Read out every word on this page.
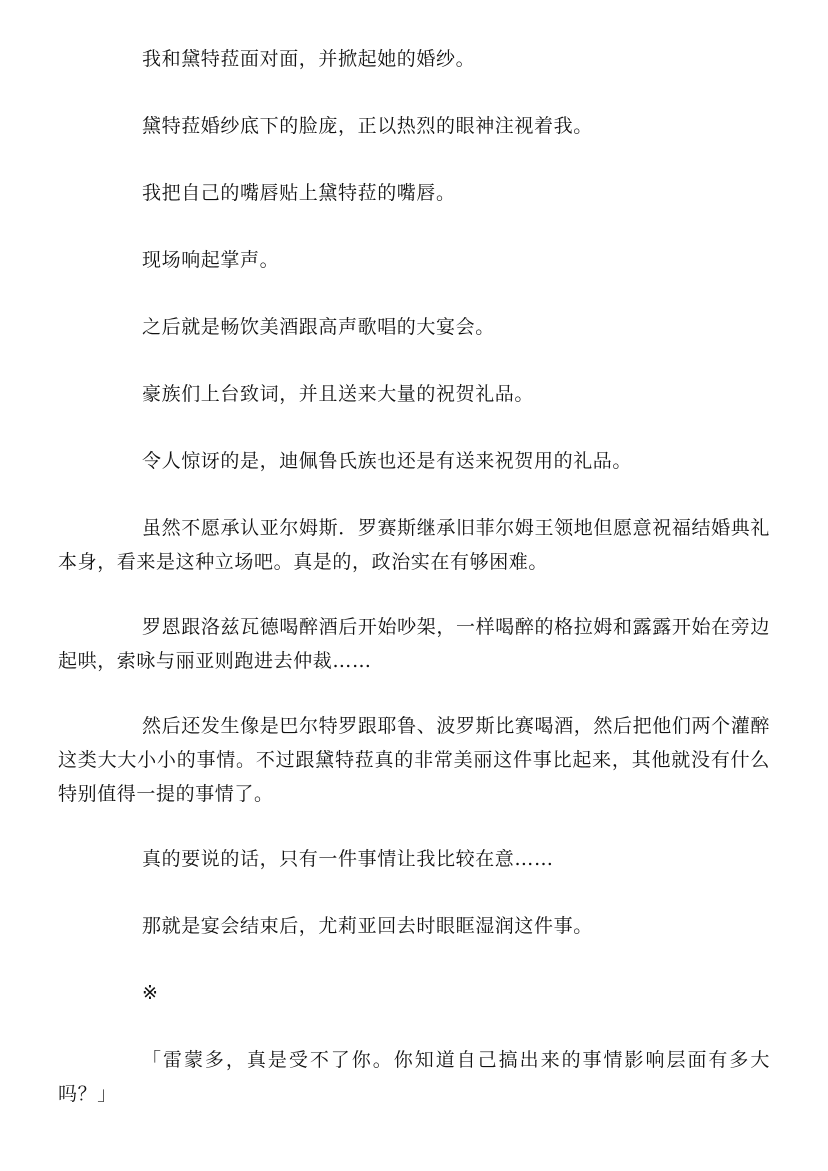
我和黛特菈面对面，并掀起她的婚纱。

黛特菈婚纱底下的脸庞，正以热烈的眼神注视着我。

我把自己的嘴唇贴上黛特菈的嘴唇。

现场响起掌声。

之后就是畅饮美酒跟高声歌唱的大宴会。

豪族们上台致词，并且送来大量的祝贺礼品。

令人惊讶的是，迪佩鲁氏族也还是有送来祝贺用的礼品。

虽然不愿承认亚尔姆斯．罗赛斯继承旧菲尔姆王领地但愿意祝福结婚典礼本身，看来是这种立场吧。真是的，政治实在有够困难。

罗恩跟洛兹瓦德喝醉酒后开始吵架，一样喝醉的格拉姆和露露开始在旁边起哄，索咏与丽亚则跑进去仲裁……

然后还发生像是巴尔特罗跟耶鲁、波罗斯比赛喝酒，然后把他们两个灌醉这类大大小小的事情。不过跟黛特菈真的非常美丽这件事比起来，其他就没有什么特别值得一提的事情了。

真的要说的话，只有一件事情让我比较在意……

那就是宴会结束后，尤莉亚回去时眼眶湿润这件事。

※

「雷蒙多，真是受不了你。你知道自己搞出来的事情影响层面有多大吗？」
